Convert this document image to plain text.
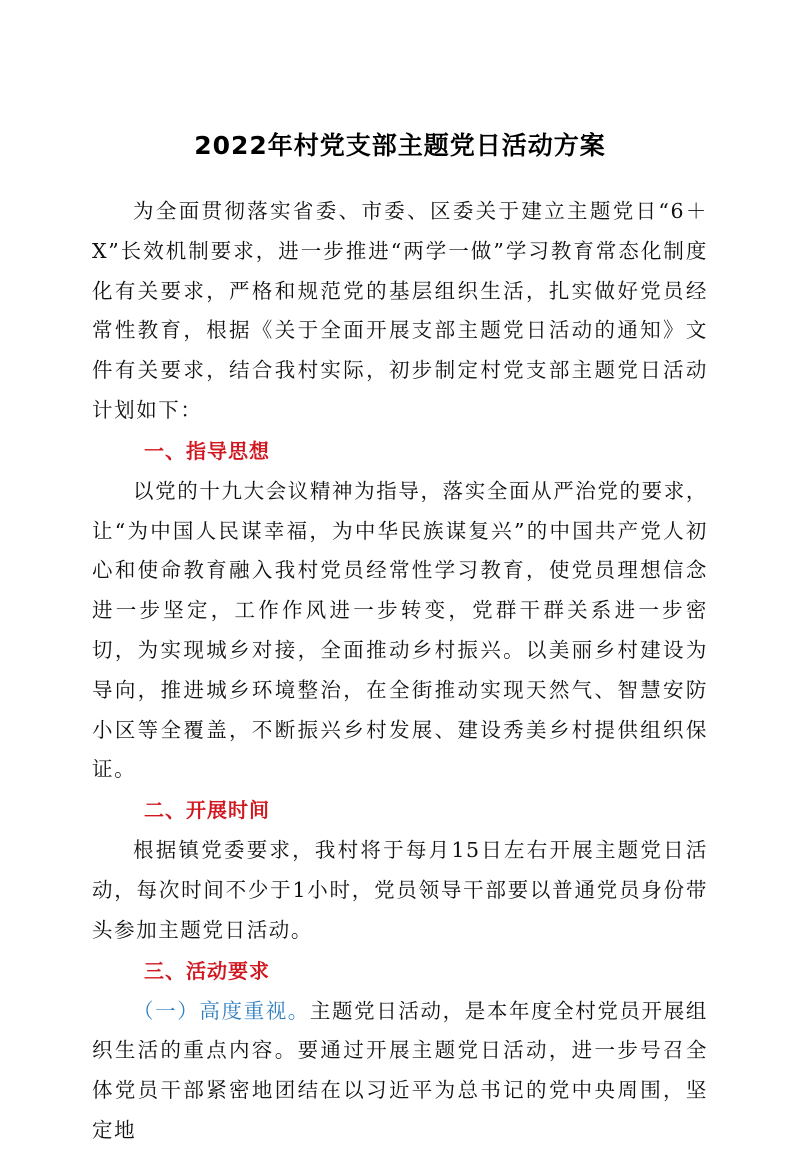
2022年村党支部主题党日活动方案

为全面贯彻落实省委、市委、区委关于建立主题党日“6＋X”长效机制要求，进一步推进“两学一做”学习教育常态化制度化有关要求，严格和规范党的基层组织生活，扎实做好党员经常性教育，根据《关于全面开展支部主题党日活动的通知》文件有关要求，结合我村实际，初步制定村党支部主题党日活动计划如下：

一、指导思想

以党的十九大会议精神为指导，落实全面从严治党的要求，让“为中国人民谋幸福，为中华民族谋复兴”的中国共产党人初心和使命教育融入我村党员经常性学习教育，使党员理想信念进一步坚定，工作作风进一步转变，党群干群关系进一步密切，为实现城乡对接，全面推动乡村振兴。以美丽乡村建设为导向，推进城乡环境整治，在全街推动实现天然气、智慧安防小区等全覆盖，不断振兴乡村发展、建设秀美乡村提供组织保证。

二、开展时间

根据镇党委要求，我村将于每月15日左右开展主题党日活动，每次时间不少于1小时，党员领导干部要以普通党员身份带头参加主题党日活动。

三、活动要求

（一）高度重视。主题党日活动，是本年度全村党员开展组织生活的重点内容。要通过开展主题党日活动，进一步号召全体党员干部紧密地团结在以习近平为总书记的党中央周围，坚定地
